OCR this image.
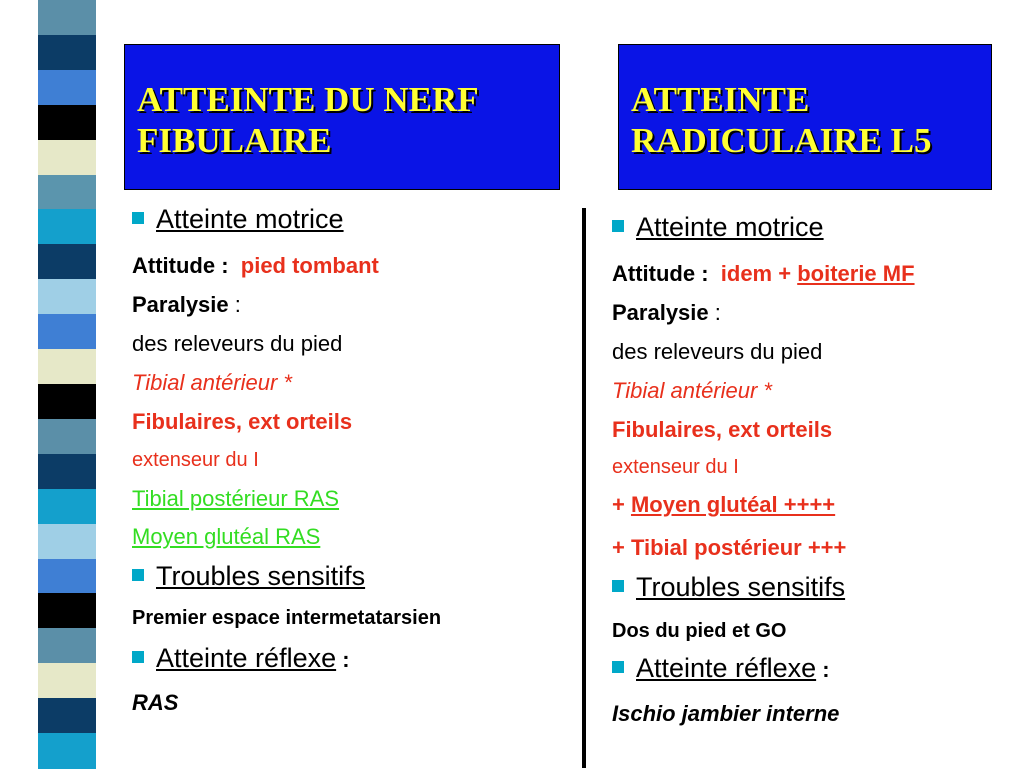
ATTEINTE DU NERF FIBULAIRE
ATTEINTE RADICULAIRE L5
Atteinte motrice
Attitude : pied tombant
Paralysie :
des releveurs du pied
Tibial antérieur *
Fibulaires, ext orteils
extenseur du I
Tibial postérieur RAS
Moyen glutéal RAS
Troubles sensitifs
Premier espace intermetatarsien
Atteinte réflexe :
RAS
Atteinte motrice
Attitude : idem + boiterie MF
Paralysie :
des releveurs du pied
Tibial antérieur *
Fibulaires, ext orteils
extenseur du I
+ Moyen glutéal ++++
+ Tibial postérieur +++
Troubles sensitifs
Dos du pied et GO
Atteinte réflexe :
Ischio jambier interne
